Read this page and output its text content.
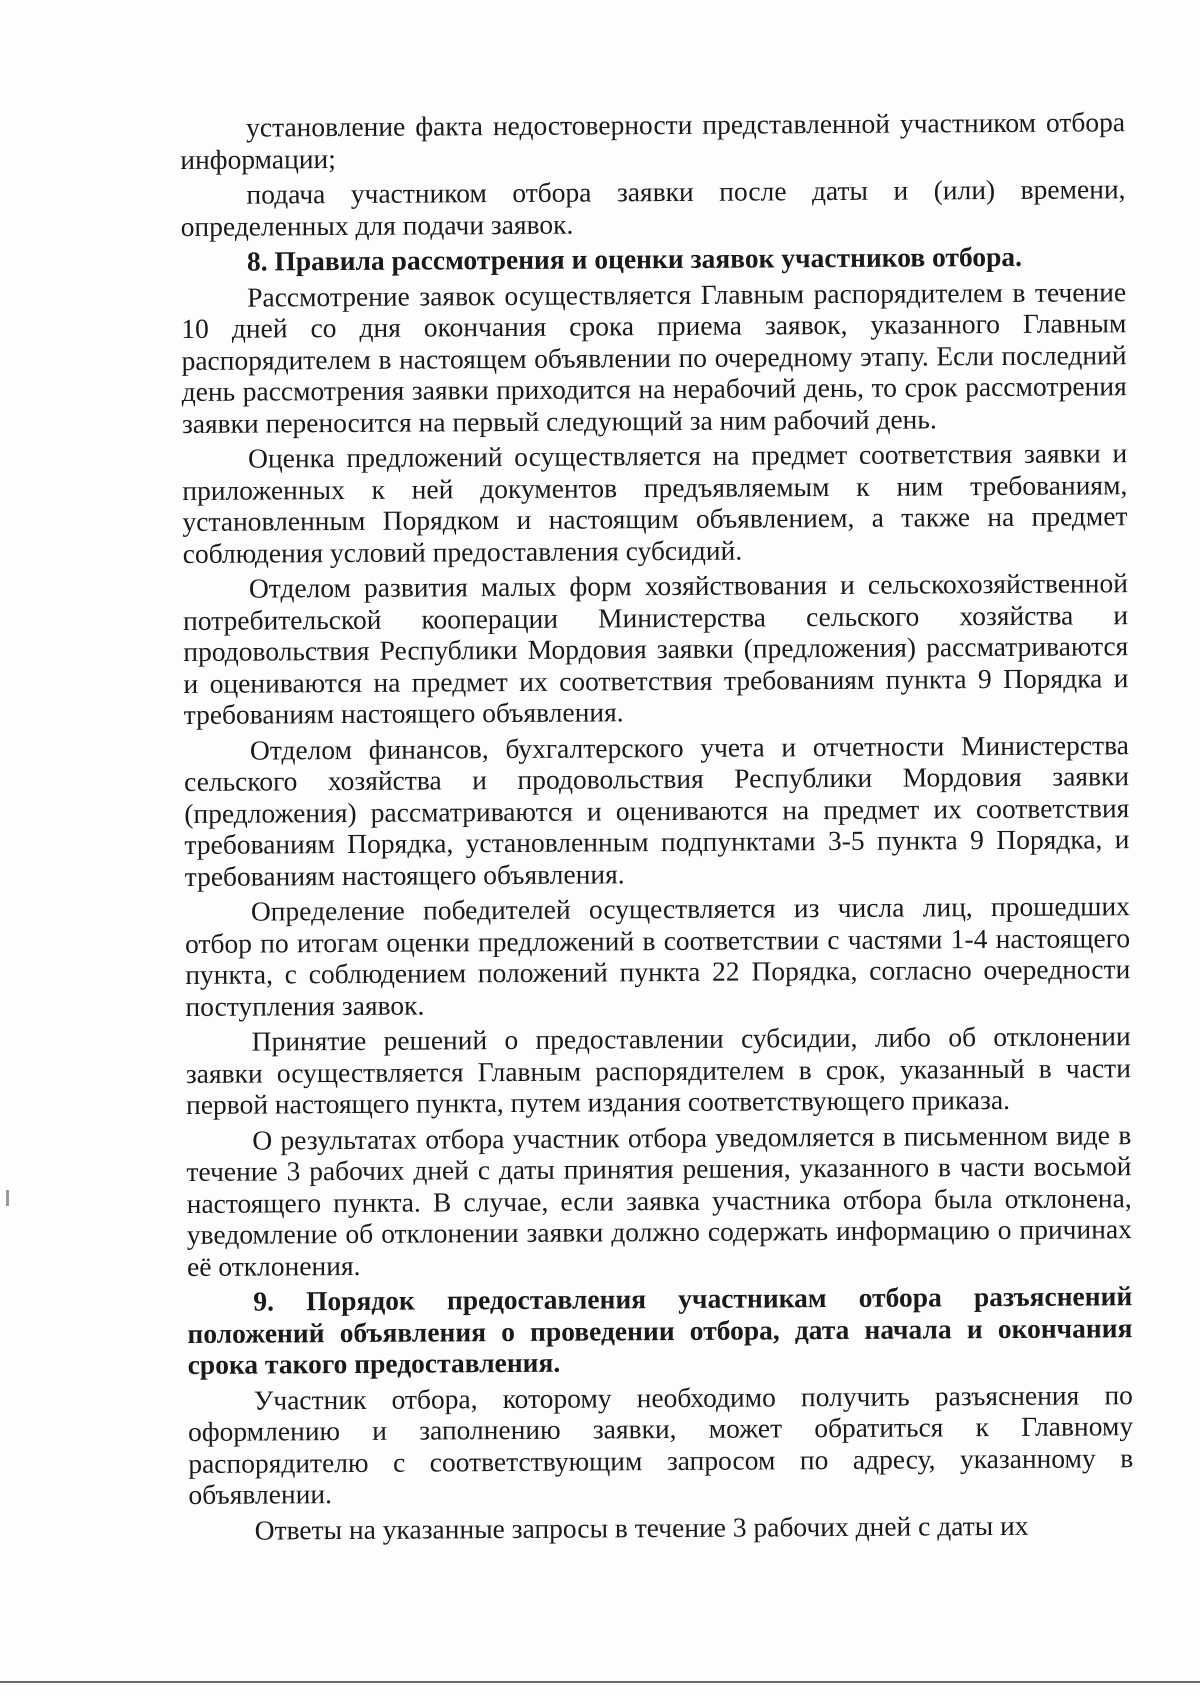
установление факта недостоверности представленной участником отбора информации;

подача участником отбора заявки после даты и (или) времени, определенных для подачи заявок.

8. Правила рассмотрения и оценки заявок участников отбора.

Рассмотрение заявок осуществляется Главным распорядителем в течение 10 дней со дня окончания срока приема заявок, указанного Главным распорядителем в настоящем объявлении по очередному этапу. Если последний день рассмотрения заявки приходится на нерабочий день, то срок рассмотрения заявки переносится на первый следующий за ним рабочий день.

Оценка предложений осуществляется на предмет соответствия заявки и приложенных к ней документов предъявляемым к ним требованиям, установленным Порядком и настоящим объявлением, а также на предмет соблюдения условий предоставления субсидий.

Отделом развития малых форм хозяйствования и сельскохозяйственной потребительской кооперации Министерства сельского хозяйства и продовольствия Республики Мордовия заявки (предложения) рассматриваются и оцениваются на предмет их соответствия требованиям пункта 9 Порядка и требованиям настоящего объявления.

Отделом финансов, бухгалтерского учета и отчетности Министерства сельского хозяйства и продовольствия Республики Мордовия заявки (предложения) рассматриваются и оцениваются на предмет их соответствия требованиям Порядка, установленным подпунктами 3-5 пункта 9 Порядка, и требованиям настоящего объявления.

Определение победителей осуществляется из числа лиц, прошедших отбор по итогам оценки предложений в соответствии с частями 1-4 настоящего пункта, с соблюдением положений пункта 22 Порядка, согласно очередности поступления заявок.

Принятие решений о предоставлении субсидии, либо об отклонении заявки осуществляется Главным распорядителем в срок, указанный в части первой настоящего пункта, путем издания соответствующего приказа.

О результатах отбора участник отбора уведомляется в письменном виде в течение 3 рабочих дней с даты принятия решения, указанного в части восьмой настоящего пункта. В случае, если заявка участника отбора была отклонена, уведомление об отклонении заявки должно содержать информацию о причинах её отклонения.

9. Порядок предоставления участникам отбора разъяснений положений объявления о проведении отбора, дата начала и окончания срока такого предоставления.

Участник отбора, которому необходимо получить разъяснения по оформлению и заполнению заявки, может обратиться к Главному распорядителю с соответствующим запросом по адресу, указанному в объявлении.

Ответы на указанные запросы в течение 3 рабочих дней с даты их
